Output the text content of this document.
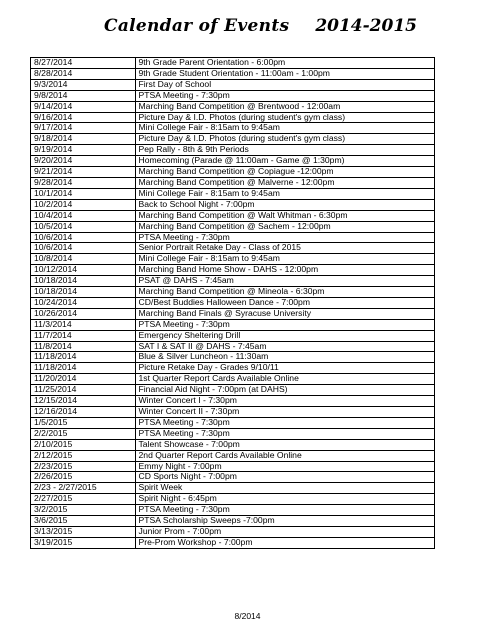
Calendar of Events 2014-2015
8/27/2014	9th Grade Parent Orientation - 6:00pm
8/28/2014	9th Grade Student Orientation - 11:00am - 1:00pm
9/3/2014	First Day of School
9/8/2014	PTSA Meeting - 7:30pm
9/14/2014	Marching Band Competition @ Brentwood - 12:00am
9/16/2014	Picture Day & I.D. Photos (during student's gym class)
9/17/2014	Mini College Fair - 8:15am to 9:45am
9/18/2014	Picture Day & I.D. Photos (during student's gym class)
9/19/2014	Pep Rally - 8th & 9th Periods
9/20/2014	Homecoming (Parade @ 11:00am - Game @ 1:30pm)
9/21/2014	Marching Band Competition @ Copiague -12:00pm
9/28/2014	Marching Band Competition @ Malverne - 12:00pm
10/1/2014	Mini College Fair - 8:15am to 9:45am
10/2/2014	Back to School Night - 7:00pm
10/4/2014	Marching Band Competition @ Walt Whitman - 6:30pm
10/5/2014	Marching Band Competition @ Sachem - 12:00pm
10/6/2014	PTSA Meeting - 7:30pm
10/6/2014	Senior Portrait Retake Day - Class of 2015
10/8/2014	Mini College Fair - 8:15am to 9:45am
10/12/2014	Marching Band Home Show - DAHS - 12:00pm
10/18/2014	PSAT @ DAHS - 7:45am
10/18/2014	Marching Band Competition @ Mineola - 6:30pm
10/24/2014	CD/Best Buddies Halloween Dance - 7:00pm
10/26/2014	Marching Band Finals @ Syracuse University
11/3/2014	PTSA Meeting - 7:30pm
11/7/2014	Emergency Sheltering Drill
11/8/2014	SAT I & SAT II @ DAHS - 7:45am
11/18/2014	Blue & Silver Luncheon - 11:30am
11/18/2014	Picture Retake Day - Grades 9/10/11
11/20/2014	1st Quarter Report Cards Available Online
11/25/2014	Financial Aid Night - 7:00pm (at DAHS)
12/15/2014	Winter Concert I - 7:30pm
12/16/2014	Winter Concert II - 7:30pm
1/5/2015	PTSA Meeting - 7:30pm
2/2/2015	PTSA Meeting - 7:30pm
2/10/2015	Talent Showcase - 7:00pm
2/12/2015	2nd Quarter Report Cards Available Online
2/23/2015	Emmy Night - 7:00pm
2/26/2015	CD Sports Night - 7:00pm
2/23 - 2/27/2015	Spirit Week
2/27/2015	Spirit Night - 6:45pm
3/2/2015	PTSA Meeting - 7:30pm
3/6/2015	PTSA Scholarship Sweeps -7:00pm
3/13/2015	Junior Prom - 7:00pm
3/19/2015	Pre-Prom Workshop - 7:00pm
8/2014
